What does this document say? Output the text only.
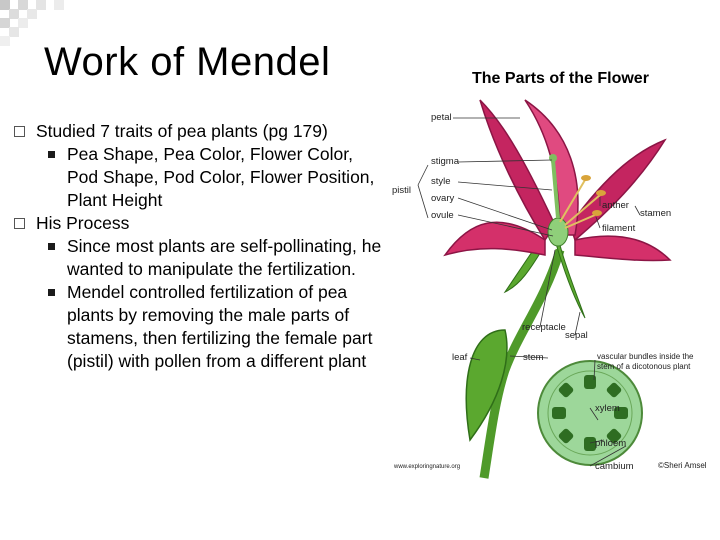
Work of Mendel
Studied 7 traits of pea plants (pg 179)
Pea Shape, Pea Color, Flower Color, Pod Shape, Pod Color, Flower Position, Plant Height
His Process
Since most plants are self-pollinating, he wanted to manipulate the fertilization.
Mendel controlled fertilization of pea plants by removing the male parts of stamens, then fertilizing the female part (pistil) with pollen from a different plant
The Parts of the Flower
petal
stigma
style
ovary
ovule
pistil
anther
filament
stamen
receptacle
sepal
leaf	stem	vascular bundles inside the
stem of a dicotonous plant
xylem
phloem
cambium	©Sheri Amsel
www.exploringnature.org
